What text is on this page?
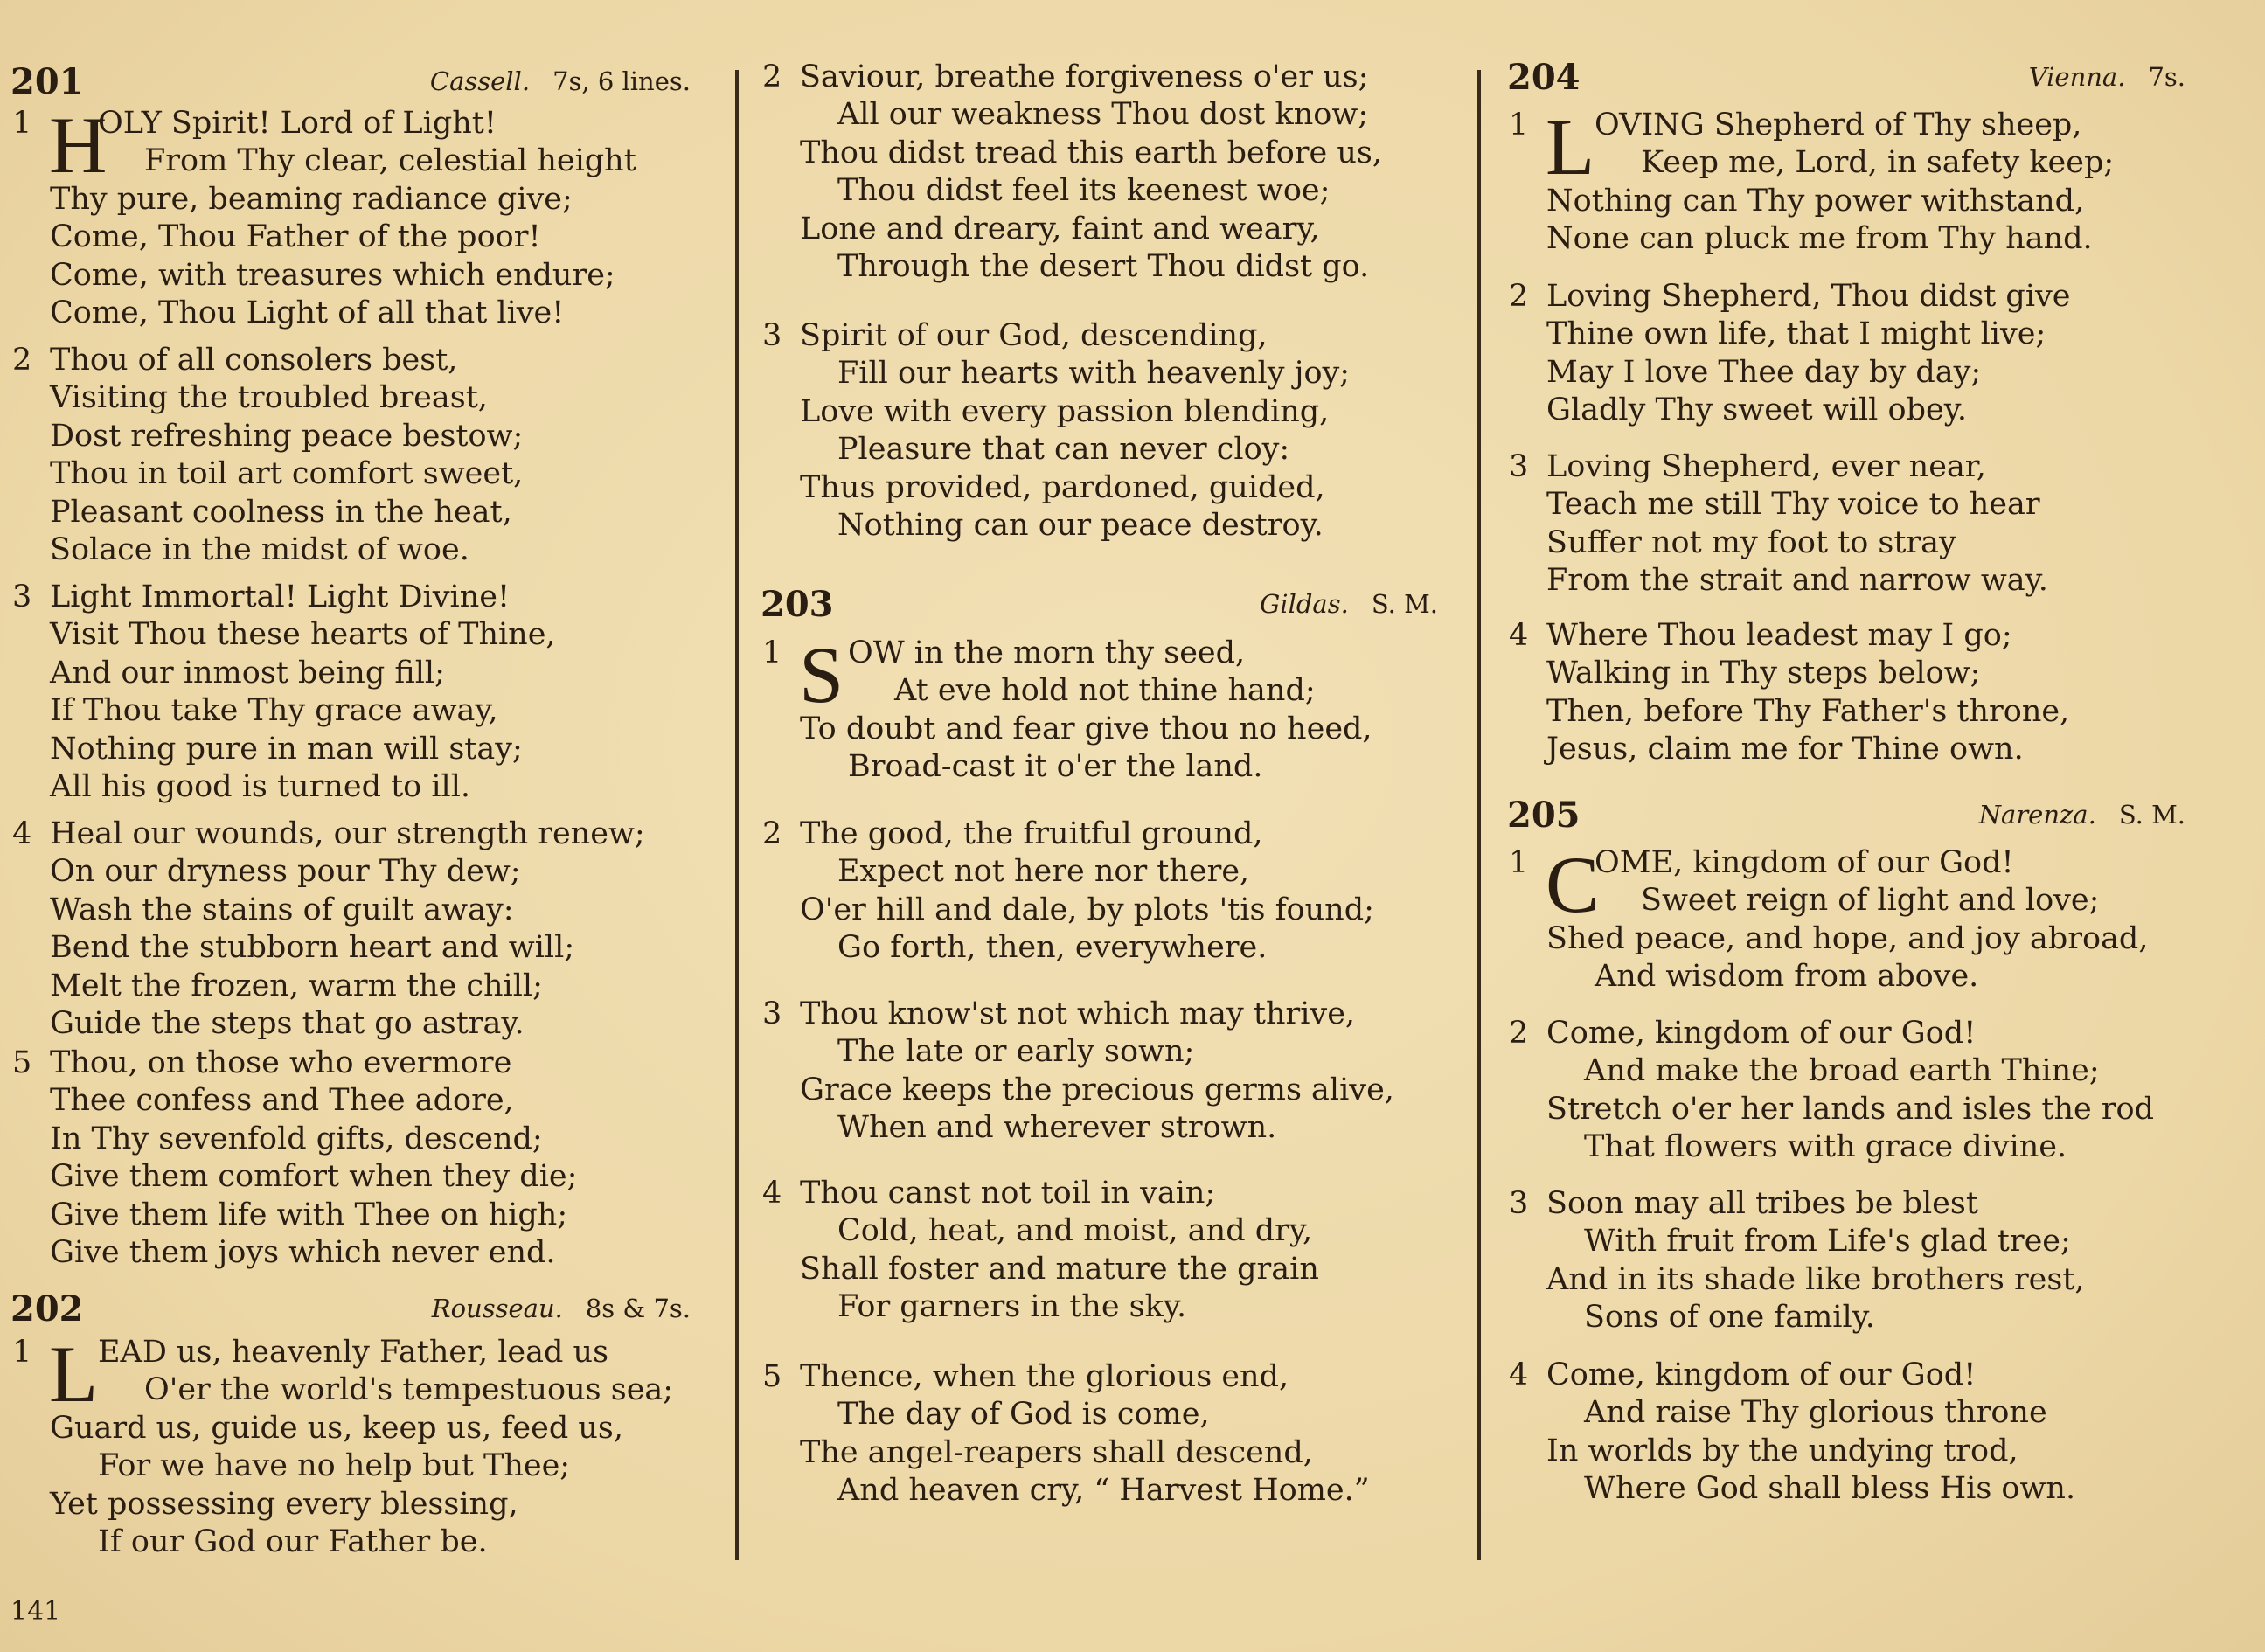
141
201	Cassell. 7s, 6 lines.
1 H
OLY Spirit! Lord of Light!
From Thy clear, celestial height
Thy pure, beaming radiance give;
Come, Thou Father of the poor!
Come, with treasures which endure;
Come, Thou Light of all that live!
2 Thou of all consolers best,
Visiting the troubled breast,
Dost refreshing peace bestow;
Thou in toil art comfort sweet,
Pleasant coolness in the heat,
Solace in the midst of woe.
3 Light Immortal! Light Divine!
Visit Thou these hearts of Thine,
And our inmost being fill;
If Thou take Thy grace away,
Nothing pure in man will stay;
All his good is turned to ill.
4 Heal our wounds, our strength renew;
On our dryness pour Thy dew;
Wash the stains of guilt away:
Bend the stubborn heart and will;
Melt the frozen, warm the chill;
Guide the steps that go astray.
5 Thou, on those who evermore
Thee confess and Thee adore,
In Thy sevenfold gifts, descend;
Give them comfort when they die;
Give them life with Thee on high;
Give them joys which never end.
202	Rousseau. 8s & 7s.
1 L EAD us, heavenly Father, lead us
O'er the world's tempestuous sea;
Guard us, guide us, keep us, feed us,
For we have no help but Thee;
Yet possessing every blessing,
If our God our Father be.
2 Saviour, breathe forgiveness o'er us;
All our weakness Thou dost know;
Thou didst tread this earth before us,
Thou didst feel its keenest woe;
Lone and dreary, faint and weary,
Through the desert Thou didst go.
3 Spirit of our God, descending,
Fill our hearts with heavenly joy;
Love with every passion blending,
Pleasure that can never cloy:
Thus provided, pardoned, guided,
Nothing can our peace destroy.
203	Gildas. S. M.
1 S OW in the morn thy seed,
At eve hold not thine hand;
To doubt and fear give thou no heed,
Broad-cast it o'er the land.
2 The good, the fruitful ground,
Expect not here nor there,
O'er hill and dale, by plots 'tis found;
Go forth, then, everywhere.
3 Thou know'st not which may thrive,
The late or early sown;
Grace keeps the precious germs alive,
When and wherever strown.
4 Thou canst not toil in vain;
Cold, heat, and moist, and dry,
Shall foster and mature the grain
For garners in the sky.
5 Thence, when the glorious end,
The day of God is come,
The angel-reapers shall descend,
And heaven cry, “ Harvest Home.”
204	Vienna. 7s.
1 L OVING Shepherd of Thy sheep,
Keep me, Lord, in safety keep;
Nothing can Thy power withstand,
None can pluck me from Thy hand.
2 Loving Shepherd, Thou didst give
Thine own life, that I might live;
May I love Thee day by day;
Gladly Thy sweet will obey.
3 Loving Shepherd, ever near,
Teach me still Thy voice to hear
Suffer not my foot to stray
From the strait and narrow way.
4 Where Thou leadest may I go;
Walking in Thy steps below;
Then, before Thy Father's throne,
Jesus, claim me for Thine own.
205	Narenza. S. M.
1 C
OME, kingdom of our God!
Sweet reign of light and love;
Shed peace, and hope, and joy abroad,
And wisdom from above.
2 Come, kingdom of our God!
And make the broad earth Thine;
Stretch o'er her lands and isles the rod
That flowers with grace divine.
3 Soon may all tribes be blest
With fruit from Life's glad tree;
And in its shade like brothers rest,
Sons of one family.
4 Come, kingdom of our God!
And raise Thy glorious throne
In worlds by the undying trod,
Where God shall bless His own.
